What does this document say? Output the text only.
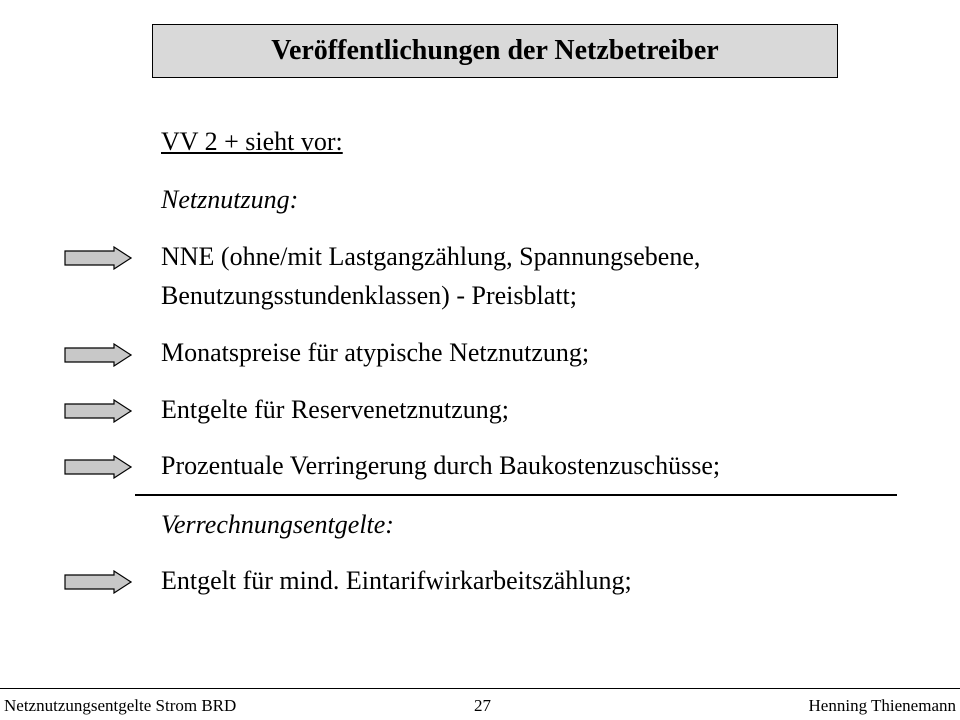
Veröffentlichungen der Netzbetreiber
VV 2 + sieht vor:
Netznutzung:
NNE (ohne/mit Lastgangzählung, Spannungsebene,
Benutzungsstundenklassen) - Preisblatt;
Monatspreise für atypische Netznutzung;
Entgelte für Reservenetznutzung;
Prozentuale Verringerung durch Baukostenzuschüsse;
Verrechnungsentgelte:
Entgelt für mind. Eintarifwirkarbeitszählung;
Netznutzungsentgelte Strom BRD	27	Henning Thienemann
